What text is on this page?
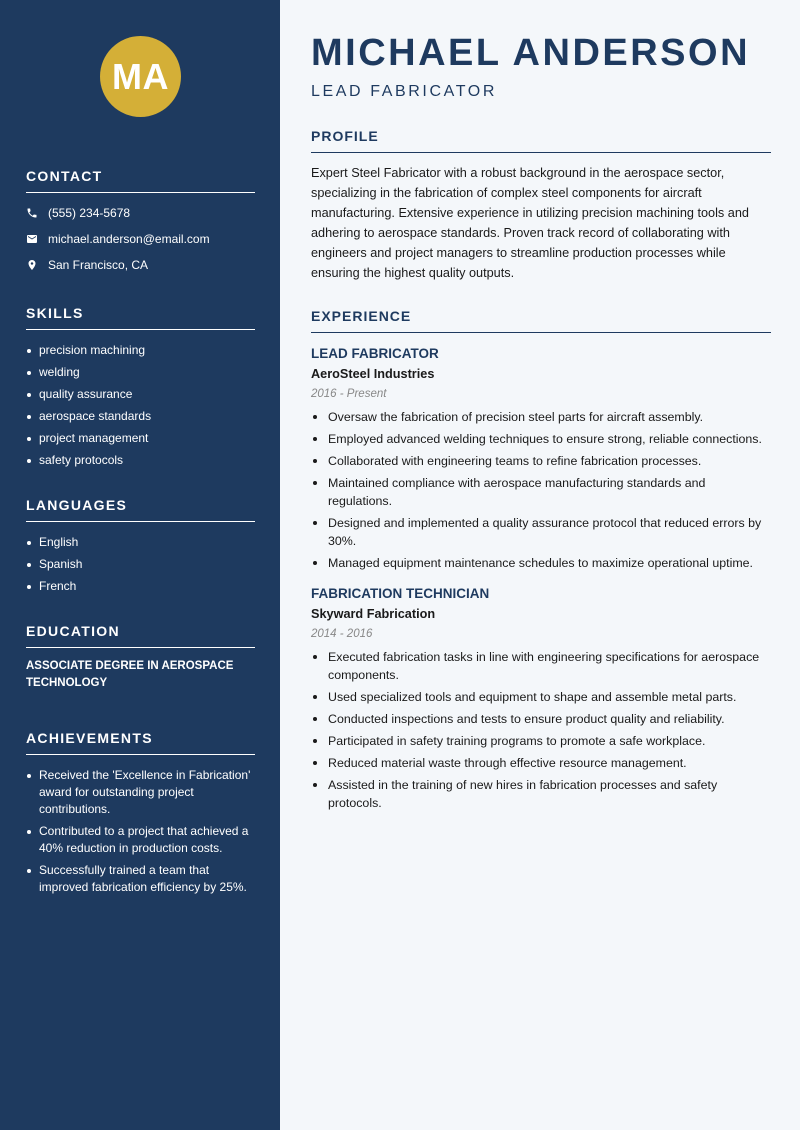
MA
CONTACT
(555) 234-5678
michael.anderson@email.com
San Francisco, CA
SKILLS
precision machining
welding
quality assurance
aerospace standards
project management
safety protocols
LANGUAGES
English
Spanish
French
EDUCATION
ASSOCIATE DEGREE IN AEROSPACE TECHNOLOGY
ACHIEVEMENTS
Received the 'Excellence in Fabrication' award for outstanding project contributions.
Contributed to a project that achieved a 40% reduction in production costs.
Successfully trained a team that improved fabrication efficiency by 25%.
MICHAEL ANDERSON
LEAD FABRICATOR
PROFILE

Expert Steel Fabricator with a robust background in the aerospace sector, specializing in the fabrication of complex steel components for aircraft manufacturing. Extensive experience in utilizing precision machining tools and adhering to aerospace standards. Proven track record of collaborating with engineers and project managers to streamline production processes while ensuring the highest quality outputs.

EXPERIENCE
LEAD FABRICATOR
AeroSteel Industries
2016 - Present
Oversaw the fabrication of precision steel parts for aircraft assembly.
Employed advanced welding techniques to ensure strong, reliable connections.
Collaborated with engineering teams to refine fabrication processes.
Maintained compliance with aerospace manufacturing standards and regulations.
Designed and implemented a quality assurance protocol that reduced errors by 30%.
Managed equipment maintenance schedules to maximize operational uptime.
FABRICATION TECHNICIAN
Skyward Fabrication
2014 - 2016
Executed fabrication tasks in line with engineering specifications for aerospace components.
Used specialized tools and equipment to shape and assemble metal parts.
Conducted inspections and tests to ensure product quality and reliability.
Participated in safety training programs to promote a safe workplace.
Reduced material waste through effective resource management.
Assisted in the training of new hires in fabrication processes and safety protocols.
